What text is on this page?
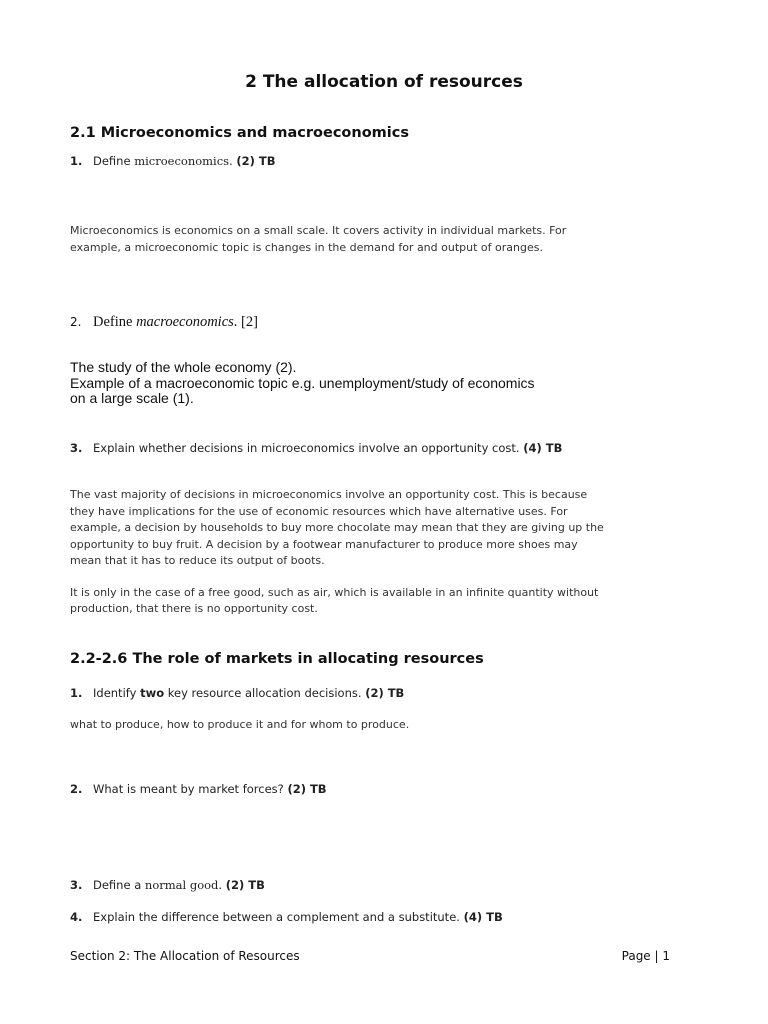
2 The allocation of resources
2.1 Microeconomics and macroeconomics
1. Define microeconomics. (2) TB

Microeconomics is economics on a small scale. It covers activity in individual markets. For example, a microeconomic topic is changes in the demand for and output of oranges.

2. Define macroeconomics. [2]

The study of the whole economy (2).

Example of a macroeconomic topic e.g. unemployment/study of economics

on a large scale (1).

3. Explain whether decisions in microeconomics involve an opportunity cost. (4) TB

The vast majority of decisions in microeconomics involve an opportunity cost. This is because they have implications for the use of economic resources which have alternative uses. For example, a decision by households to buy more chocolate may mean that they are giving up the opportunity to buy fruit. A decision by a footwear manufacturer to produce more shoes may mean that it has to reduce its output of boots.

It is only in the case of a free good, such as air, which is available in an infinite quantity without production, that there is no opportunity cost.

2.2-2.6 The role of markets in allocating resources
1. Identify two key resource allocation decisions. (2) TB

what to produce, how to produce it and for whom to produce.

2. What is meant by market forces? (2) TB
3. Define a normal good. (2) TB
4. Explain the difference between a complement and a substitute. (4) TB
Section 2: The Allocation of Resources	Page | 1
